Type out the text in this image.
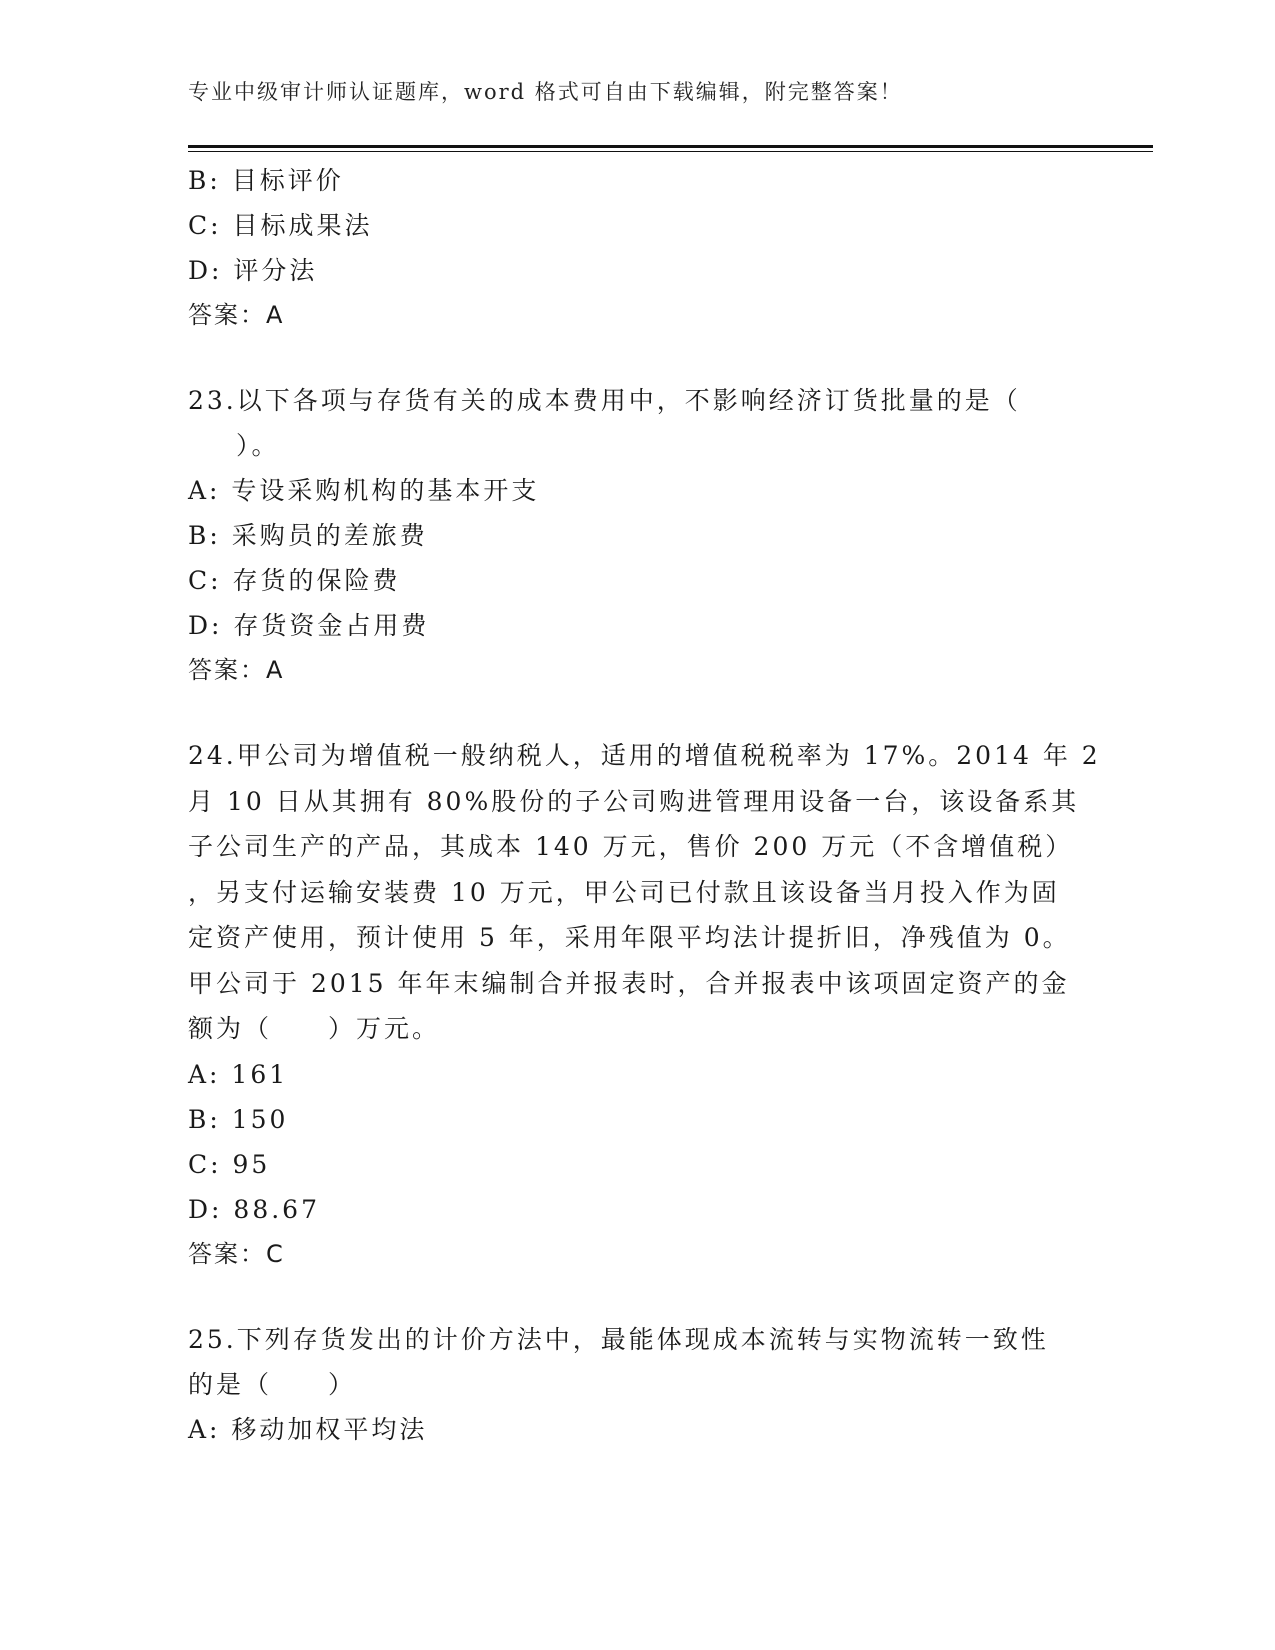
专业中级审计师认证题库，word 格式可自由下载编辑，附完整答案！
B: 目标评价
C: 目标成果法
D: 评分法
答案：A
23.以下各项与存货有关的成本费用中，不影响经济订货批量的是（
）。
A: 专设采购机构的基本开支
B: 采购员的差旅费
C: 存货的保险费
D: 存货资金占用费
答案：A

24.甲公司为增值税一般纳税人，适用的增值税税率为 17%。2014 年 2

月 10 日从其拥有 80%股份的子公司购进管理用设备一台，该设备系其

子公司生产的产品，其成本 140 万元，售价 200 万元（不含增值税）

，另支付运输安装费 10 万元，甲公司已付款且该设备当月投入作为固

定资产使用，预计使用 5 年，采用年限平均法计提折旧，净残值为 0。

甲公司于 2015 年年末编制合并报表时，合并报表中该项固定资产的金

额为（　　）万元。

A: 161
B: 150
C: 95
D: 88.67
答案：C
25.下列存货发出的计价方法中，最能体现成本流转与实物流转一致性
的是（　　）
A: 移动加权平均法
